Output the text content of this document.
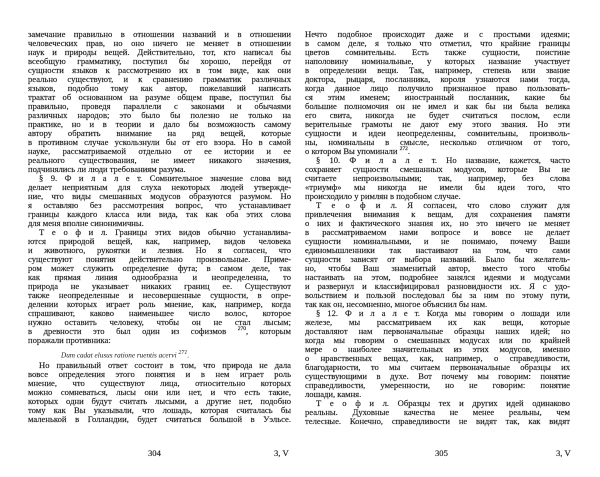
замечание правильно в отношении названий и в отношении
человеческих прав, но оно ничего не меняет в отношении
наук и природы вещей. Действительно, тот, кто написал бы
всеобщую грамматику, поступил бы хорошо, перейдя от
сущности языков к рассмотрению их в том виде, как они
реально существуют, и к сравнению грамматик различных
языков, подобно тому как автор, пожелавший написать
трактат об основанном на разуме общем праве, поступил бы
правильно, проведя параллели с законами и обычаями
различных народов; это было бы полезно не только на
практике, но и в теории и дало бы возможность самому
автору обратить внимание на ряд вещей, которые
в противном случае ускользнули бы от его взора. Но в самой
науке, рассматриваемой отдельно от ее истории и ее
реального существования, не имеет никакого значения,
подчинялись ли люди требованиям разума.
§ 9. Ф и л а л е т. Сомнительное значение слова вид
делает неприятным для слуха некоторых людей утвержде-
ние, что виды смешанных модусов образуются разумом. Но
я оставляю без рассмотрения вопрос, что устанавливает
границы каждого класса или вида, так как оба этих слова
для меня вполне синонимичны.
Т е о ф и л. Границы этих видов обычно устанавлива-
ются природой вещей, как, например, видов человека
и животного, рукоятки и лезвия. Но я согласен, что
существуют понятия действительно произвольные. Приме-
ром может служить определение фута; в самом деле, так
как прямая линия однообразна и неопределенна, то
природа не указывает никаких границ ее. Существуют
также неопределенные и несовершенные сущности, в опре-
делении которых играет роль мнение, как, например, когда
спрашивают, каково наименьшее число волос, которое
нужно оставить человеку, чтобы он не стал лысым;
в древности это был один из софизмов $^{270}$, которым
поражали противника:
Dum cadat elusus ratione ruentis acervi $^{271}$.
Но правильный ответ состоит в том, что природа не дала
вовсе определения этого понятия и в нем играет роль
мнение, что существуют лица, относительно которых
можно сомневаться, лысы они или нет, и что есть такие,
которых одни будут считать лысыми, а другие нет, подобно
тому как Вы указывали, что лошадь, которая считалась бы
маленькой в Голландии, будет считаться большой в Уэльсе.
Нечто подобное происходит даже и с простыми идеями;
в самом деле, я только что отметил, что крайние границы
цветов сомнительны. Есть также сущности, поистине
наполовину номинальные, у которых название участвует
в определении вещи. Так, например, степень или звание
доктора, рыцаря, посланника, короля узнаются нами тогда,
когда данное лицо получило признанное право пользовать-
ся этим именем; иностранный посланник, какие бы
большие полномочия он не имел и как бы ни была велика
его свита, никогда не будет считаться послом, если
верительные грамоты не дают ему этого звания. Но эти
сущности и идеи неопределенны, сомнительны, произволь-
ны, номинальны в смысле, несколько отличном от того,
о котором Вы упоминали $^{272}$.
§ 10. Ф и л а л е т. Но название, кажется, часто
сохраняет сущности смешанных модусов, которые Вы не
считаете непроизвольными; так, например, без слова
«триумф» мы никогда не имели бы идеи того, что
происходило у римлян в подобном случае.
Т е о ф и л. Я согласен, что слово служит для
привлечения внимания к вещам, для сохранения памяти
о них и фактического знания их, но это ничего не меняет
в рассматриваемом нами вопросе и вовсе не делает
сущности номинальными, и не понимаю, почему Ваши
единомышленники так настаивают на том, что сами
сущности зависят от выбора названий. Было бы желатель-
но, чтобы Ваш знаменитый автор, вместо того чтобы
настаивать на этом, подробнее занялся идеями и модусами
и развернул и классифицировал разновидности их. Я с удо-
вольствием и пользой последовал бы за ним по этому пути,
так как он, несомненно, многое объяснил бы нам.
§ 12. Ф и л а л е т. Когда мы говорим о лошади или
железе, мы рассматриваем их как вещи, которые
доставляют нам первоначальные образцы наших идей; но
когда мы говорим о смешанных модусах или по крайней
мере о наиболее значительных из этих модусов, именно
о нравственных вещах, как, например, о справедливости,
благодарности, то мы считаем первоначальные образцы их
существующими в духе. Вот почему мы говорим: понятие
справедливости, умеренности, но не говорим: понятие
лошади, камня.
Т е о ф и л. Образцы тех и других идей одинаково
реальны. Духовные качества не менее реальны, чем
телесные. Конечно, справедливости не видят так, как видят
304	3, V	305	3, V
